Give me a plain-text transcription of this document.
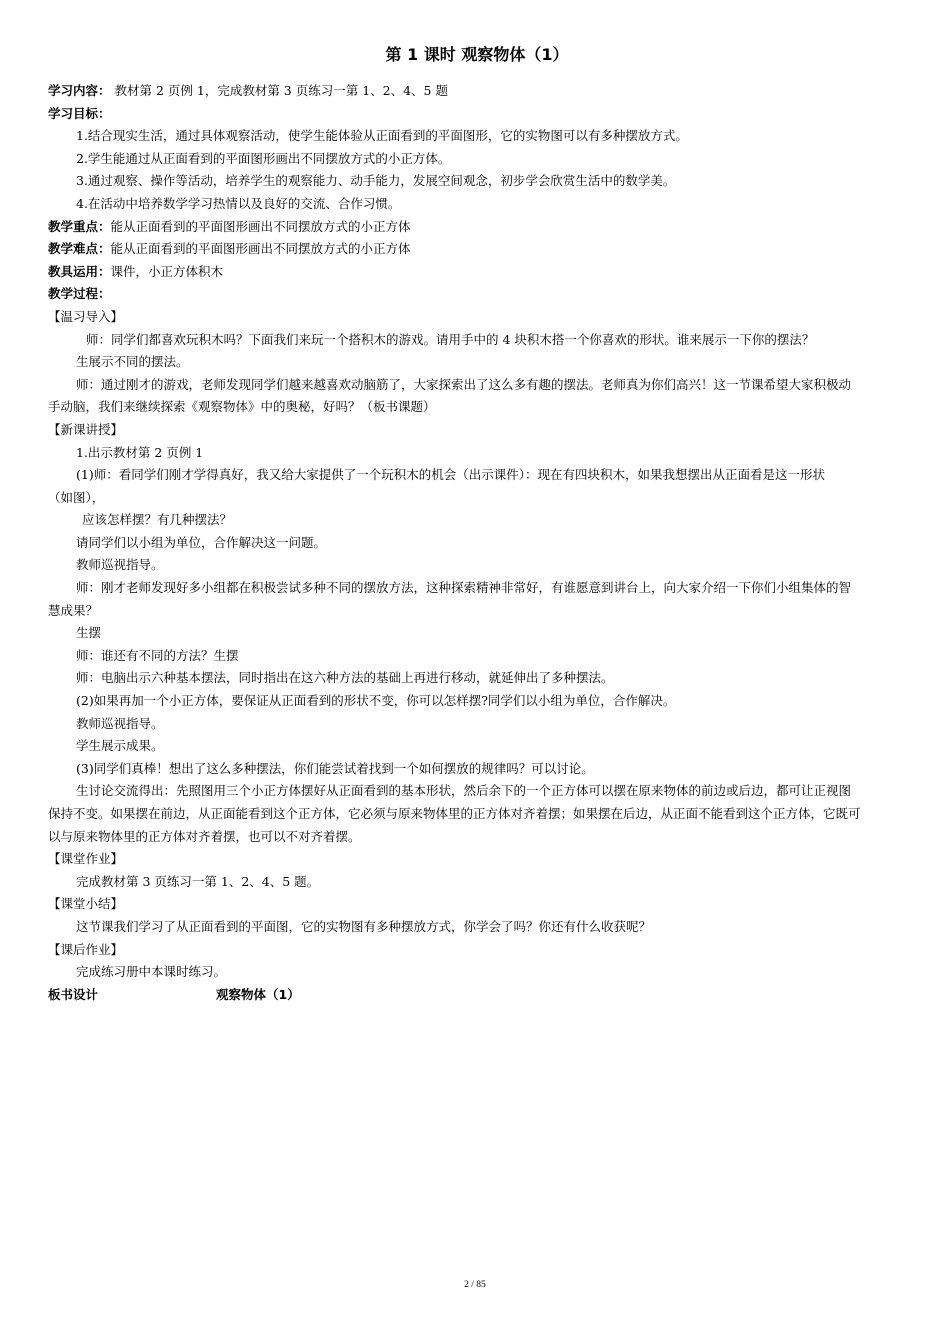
第 1 课时 观察物体（1）
学习内容： 教材第 2 页例 1，完成教材第 3 页练习一第 1、2、4、5 题
学习目标：
1.结合现实生活，通过具体观察活动，使学生能体验从正面看到的平面图形，它的实物图可以有多种摆放方式。
2.学生能通过从正面看到的平面图形画出不同摆放方式的小正方体。
3.通过观察、操作等活动，培养学生的观察能力、动手能力，发展空间观念，初步学会欣赏生活中的数学美。
4.在活动中培养数学学习热情以及良好的交流、合作习惯。
教学重点：能从正面看到的平面图形画出不同摆放方式的小正方体
教学难点：能从正面看到的平面图形画出不同摆放方式的小正方体
教具运用：课件，小正方体积木
教学过程：
【温习导入】
师：同学们都喜欢玩积木吗？下面我们来玩一个搭积木的游戏。请用手中的 4 块积木搭一个你喜欢的形状。谁来展示一下你的摆法？
生展示不同的摆法。
师：通过刚才的游戏，老师发现同学们越来越喜欢动脑筋了，大家探索出了这么多有趣的摆法。老师真为你们高兴！这一节课希望大家积极动
手动脑，我们来继续探索《观察物体》中的奥秘，好吗？（板书课题）
【新课讲授】
1.出示教材第 2 页例 1
(1)师：看同学们刚才学得真好，我又给大家提供了一个玩积木的机会（出示课件）：现在有四块积木，如果我想摆出从正面看是这一形状
（如图），
应该怎样摆？有几种摆法？
请同学们以小组为单位，合作解决这一问题。
教师巡视指导。
师：刚才老师发现好多小组都在积极尝试多种不同的摆放方法，这种探索精神非常好，有谁愿意到讲台上，向大家介绍一下你们小组集体的智
慧成果？
生摆
师：谁还有不同的方法？生摆
师：电脑出示六种基本摆法，同时指出在这六种方法的基础上再进行移动，就延伸出了多种摆法。
(2)如果再加一个小正方体，要保证从正面看到的形状不变，你可以怎样摆?同学们以小组为单位，合作解决。
教师巡视指导。
学生展示成果。
(3)同学们真棒！想出了这么多种摆法，你们能尝试着找到一个如何摆放的规律吗？可以讨论。
生讨论交流得出：先照图用三个小正方体摆好从正面看到的基本形状，然后余下的一个正方体可以摆在原来物体的前边或后边，都可让正视图
保持不变。如果摆在前边，从正面能看到这个正方体，它必须与原来物体里的正方体对齐着摆；如果摆在后边，从正面不能看到这个正方体，它既可
以与原来物体里的正方体对齐着摆，也可以不对齐着摆。
【课堂作业】
完成教材第 3 页练习一第 1、2、4、5 题。
【课堂小结】
这节课我们学习了从正面看到的平面图，它的实物图有多种摆放方式，你学会了吗？你还有什么收获呢？
【课后作业】
完成练习册中本课时练习。
板书设计	观察物体（1）
2 / 85
